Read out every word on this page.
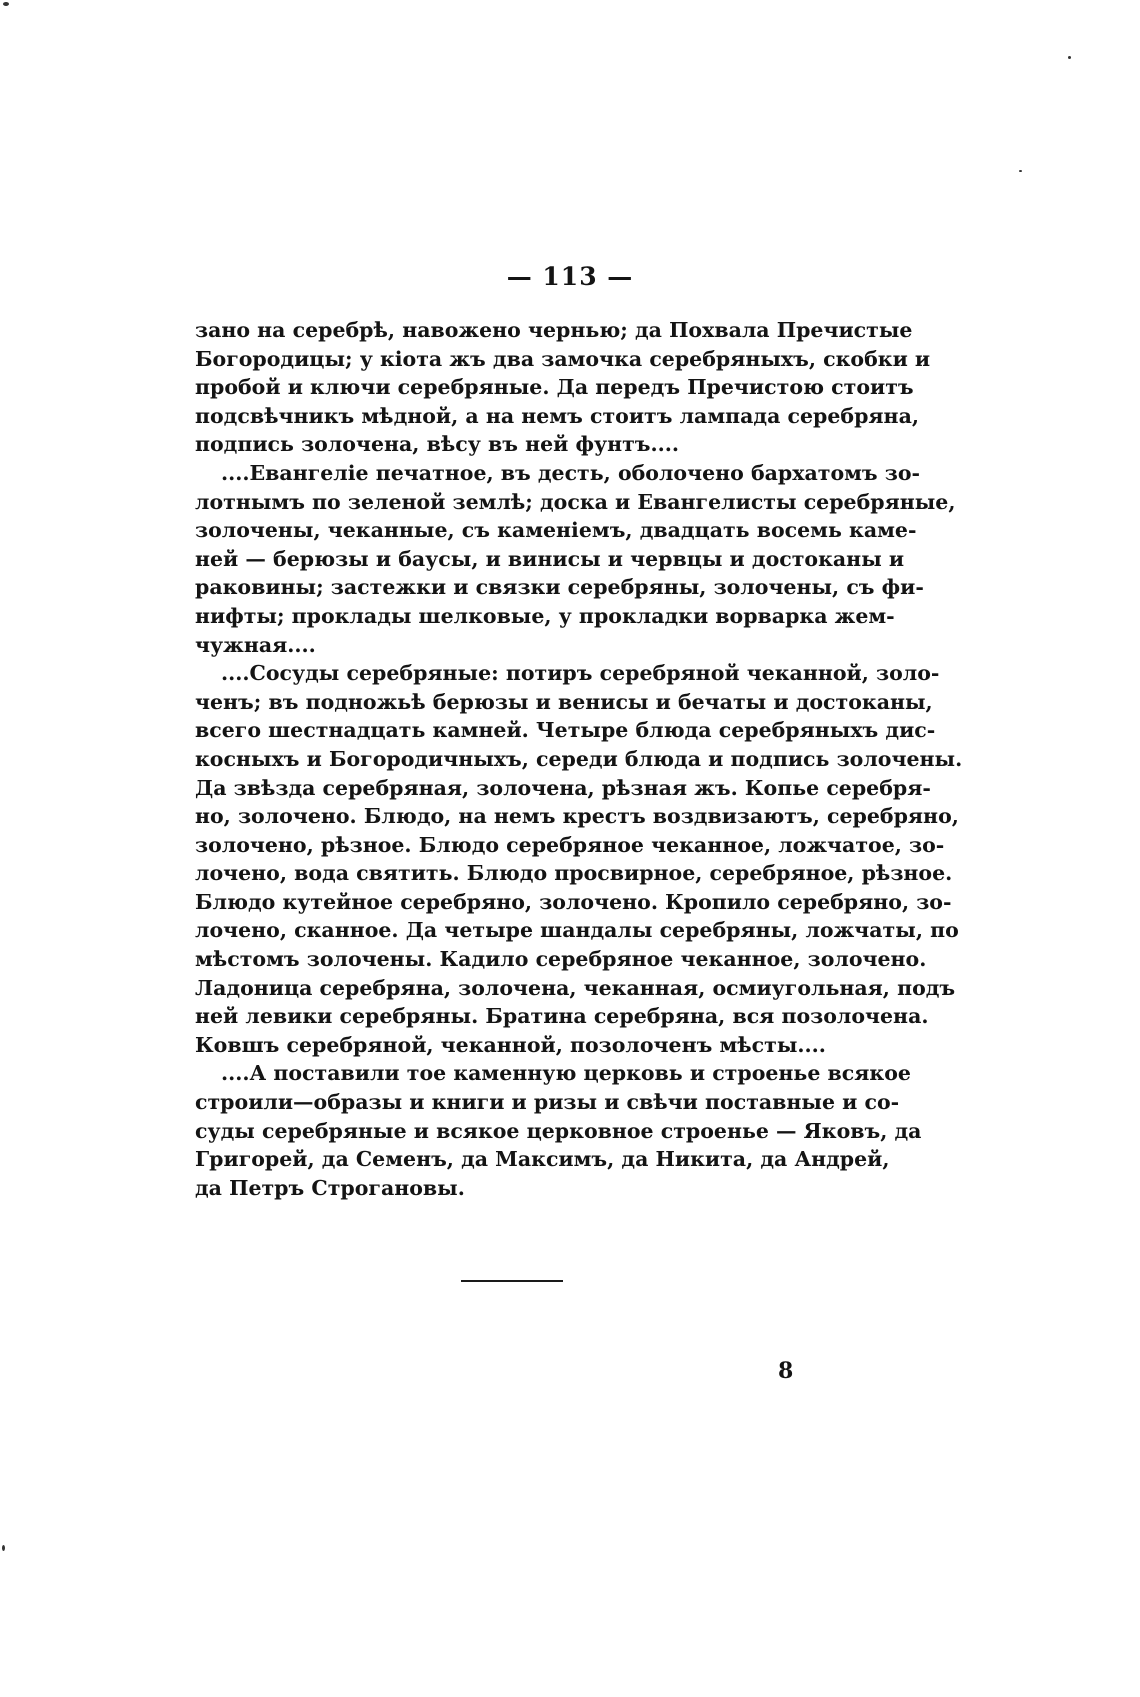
— 113 —
зано на серебрѣ, навожено чернью; да Похвала Пречистые
Богородицы; у кіота жъ два замочка серебряныхъ, скобки и
пробой и ключи серебряные. Да передъ Пречистою стоитъ
подсвѣчникъ мѣдной, а на немъ стоитъ лампада серебряна,
подпись золочена, вѣсу въ ней фунтъ....
....Евангеліе печатное, въ десть, оболочено бархатомъ зо-
лотнымъ по зеленой землѣ; доска и Евангелисты серебряные,
золочены, чеканные, съ каменіемъ, двадцать восемь камe-
ней — берюзы и баусы, и винисы и червцы и достоканы и
раковины; застежки и связки серебряны, золочены, съ фи-
нифты; проклады шелковые, у прокладки ворварка жем-
чужная....
....Сосуды серебряные: потиръ серебряной чеканной, золо-
ченъ; въ подножьѣ берюзы и венисы и бечаты и достоканы,
всего шестнадцать камней. Четыре блюда серебряныхъ дис-
косныхъ и Богородичныхъ, середи блюда и подпись золочены.
Да звѣзда серебряная, золочена, рѣзная жъ. Копье серебря-
но, золочено. Блюдо, на немъ крестъ воздвизаютъ, серебряно,
золочено, рѣзное. Блюдо серебряное чеканное, ложчатое, зо-
лочено, вода святить. Блюдо просвирное, серебряное, рѣзное.
Блюдо кутейное серебряно, золочено. Кропило серебряно, зо-
лочено, сканное. Да четыре шандалы серебряны, ложчаты, по
мѣстомъ золочены. Кадило серебряное чеканное, золочено.
Ладоница серебряна, золочена, чеканная, осмиугольная, подъ
ней левики серебряны. Братина серебряна, вся позолочена.
Ковшъ серебряной, чеканной, позолоченъ мѣсты....
....А поставили тое каменную церковь и строенье всякое
строили—образы и книги и ризы и свѣчи поставные и со-
суды серебряные и всякое церковное строенье — Яковъ, да
Григорей, да Семенъ, да Максимъ, да Никита, да Андрей,
да Петръ Строгановы.
8
